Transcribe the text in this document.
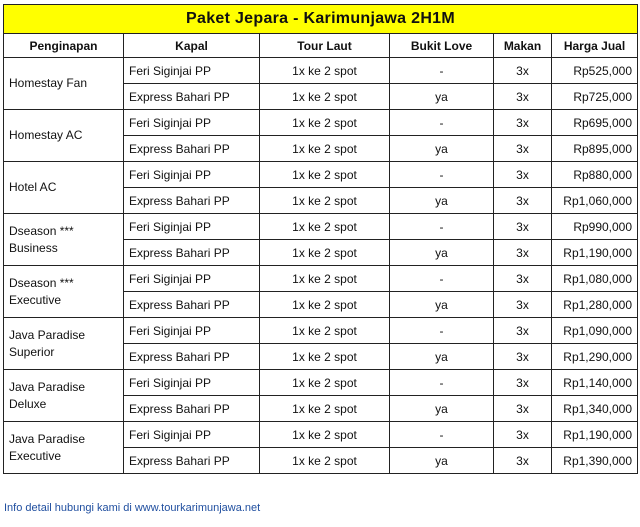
Paket Jepara - Karimunjawa 2H1M					
Penginapan	Kapal	Tour Laut	Bukit Love	Makan	Harga Jual
Homestay Fan	Feri Siginjai PP	1x ke 2 spot	-	3x	Rp525,000
	Express Bahari PP	1x ke 2 spot	ya	3x	Rp725,000
Homestay AC	Feri Siginjai PP	1x ke 2 spot	-	3x	Rp695,000
	Express Bahari PP	1x ke 2 spot	ya	3x	Rp895,000
Hotel AC	Feri Siginjai PP	1x ke 2 spot	-	3x	Rp880,000
	Express Bahari PP	1x ke 2 spot	ya	3x	Rp1,060,000
Dseason *** Business	Feri Siginjai PP	1x ke 2 spot	-	3x	Rp990,000
	Express Bahari PP	1x ke 2 spot	ya	3x	Rp1,190,000
Dseason *** Executive	Feri Siginjai PP	1x ke 2 spot	-	3x	Rp1,080,000
	Express Bahari PP	1x ke 2 spot	ya	3x	Rp1,280,000
Java Paradise Superior	Feri Siginjai PP	1x ke 2 spot	-	3x	Rp1,090,000
	Express Bahari PP	1x ke 2 spot	ya	3x	Rp1,290,000
Java Paradise Deluxe	Feri Siginjai PP	1x ke 2 spot	-	3x	Rp1,140,000
	Express Bahari PP	1x ke 2 spot	ya	3x	Rp1,340,000
Java Paradise Executive	Feri Siginjai PP	1x ke 2 spot	-	3x	Rp1,190,000
	Express Bahari PP	1x ke 2 spot	ya	3x	Rp1,390,000
Info detail hubungi kami di www.tourkarimunjawa.net
